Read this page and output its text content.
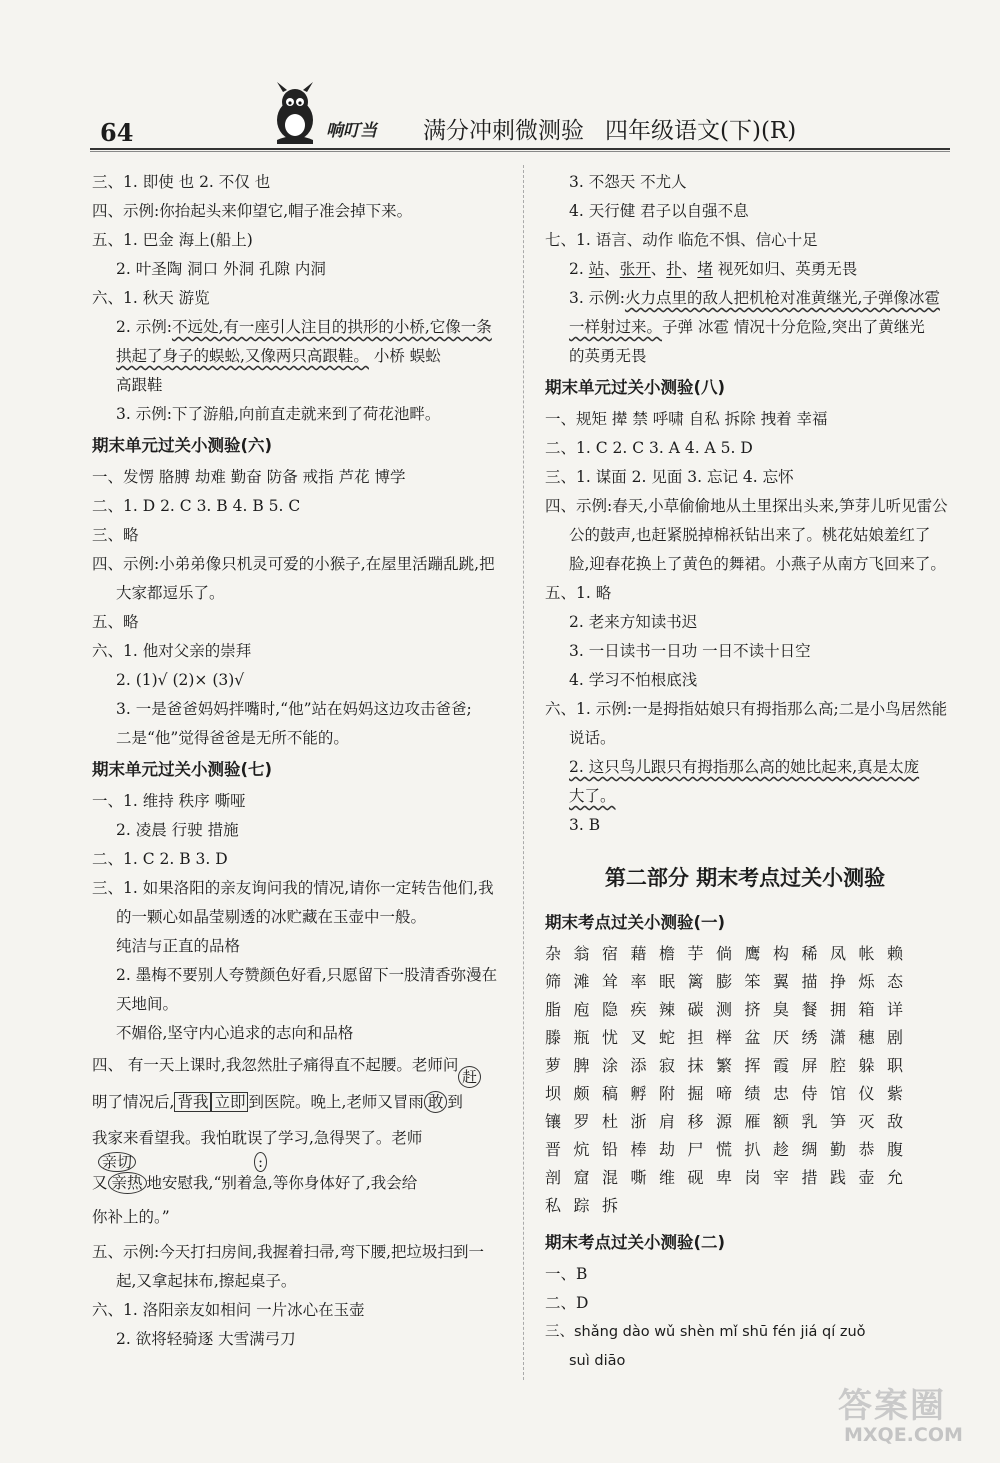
64	响叮当 满分冲刺微测验 四年级语文(下)(R)
三、1. 即使 也 2. 不仅 也
四、示例:你抬起头来仰望它,帽子准会掉下来。
五、1. 巴金 海上(船上)
2. 叶圣陶 洞口 外洞 孔隙 内洞
六、1. 秋天 游览
2. 示例:不远处,有一座引人注目的拱形的小桥,它像一条
拱起了身子的蜈蚣,又像两只高跟鞋。 小桥 蜈蚣
高跟鞋
3. 示例:下了游船,向前直走就来到了荷花池畔。
期末单元过关小测验(六)
一、发愣 胳膊 劫难 勤奋 防备 戒指 芦花 博学
二、1. D 2. C 3. B 4. B 5. C
三、略
四、示例:小弟弟像只机灵可爱的小猴子,在屋里活蹦乱跳,把
大家都逗乐了。
五、略
六、1. 他对父亲的崇拜
2. (1)√ (2)× (3)√
3. 一是爸爸妈妈拌嘴时,“他”站在妈妈这边攻击爸爸;
二是“他”觉得爸爸是无所不能的。
期末单元过关小测验(七)
一、1. 维持 秩序 嘶哑
2. 凌晨 行驶 措施
二、1. C 2. B 3. D
三、1. 如果洛阳的亲友询问我的情况,请你一定转告他们,我
的一颗心如晶莹剔透的冰贮藏在玉壶中一般。
纯洁与正直的品格
2. 墨梅不要别人夸赞颜色好看,只愿留下一股清香弥漫在
天地间。
不媚俗,坚守内心追求的志向和品格
四、 有一天上课时,我忽然肚子痛得直不起腰。老师问
赶
明了情况后, 背我 立即 到医院。晚上,老师又冒雨 敢 到
我家来看望我。我怕耽误了学习,急得哭了。老师
亲切	:
又 亲热 地安慰我,“别着急,等你身体好了,我会给
你补上的。”
五、示例:今天打扫房间,我握着扫帚,弯下腰,把垃圾扫到一
起,又拿起抹布,擦起桌子。
六、1. 洛阳亲友如相问 一片冰心在玉壶
2. 欲将轻骑逐 大雪满弓刀
3. 不怨天 不尤人
4. 天行健 君子以自强不息
七、1. 语言、动作 临危不惧、信心十足
2. 站、张开、扑、堵 视死如归、英勇无畏
3. 示例:火力点里的敌人把机枪对准黄继光,子弹像冰雹
一样射过来。子弹 冰雹 情况十分危险,突出了黄继光
的英勇无畏
期末单元过关小测验(八)
一、规矩 撵 禁 呼啸 自私 拆除 拽着 幸福
二、1. C 2. C 3. A 4. A 5. D
三、1. 谋面 2. 见面 3. 忘记 4. 忘怀
四、示例:春天,小草偷偷地从土里探出头来,笋芽儿听见雷公
公的鼓声,也赶紧脱掉棉袄钻出来了。桃花姑娘羞红了
脸,迎春花换上了黄色的舞裙。小燕子从南方飞回来了。
五、1. 略
2. 老来方知读书迟
3. 一日读书一日功 一日不读十日空
4. 学习不怕根底浅
六、1. 示例:一是拇指姑娘只有拇指那么高;二是小鸟居然能
说话。
2. 这只鸟儿跟只有拇指那么高的她比起来,真是太庞
大了。
3. B
第二部分 期末考点过关小测验
期末考点过关小测验(一)
杂 翁 宿 藉 檐 芋 倘 鹰 构 稀 凤 帐 赖
筛 滩 耸 率 眠 篱 膨 笨 翼 描 挣 烁 态
脂 庖 隐 疾 辣 碳 测 挤 臭 餐 拥 箱 详
滕 瓶 忧 叉 蛇 担 榉 盆 厌 绣 潇 穗 剧
萝 脾 涂 添 寂 抹 繁 挥 霞 屏 腔 躲 职
坝 颇 稿 孵 附 掘 啼 绩 忠 侍 馆 仪 紫
镶 罗 杜 浙 肩 移 源 雁 额 乳 笋 灭 敌
晋 炕 铅 棒 劫 尸 慌 扒 趁 绸 勤 恭 腹
剖 窟 混 嘶 维 砚 卑 岗 宰 措 践 壶 允
私 踪 拆
期末考点过关小测验(二)
一、B
二、D
三、shǎng dào wǔ shèn mǐ shū fén jiá qí zuǒ
suì diāo
答案圈
MXQE.COM
